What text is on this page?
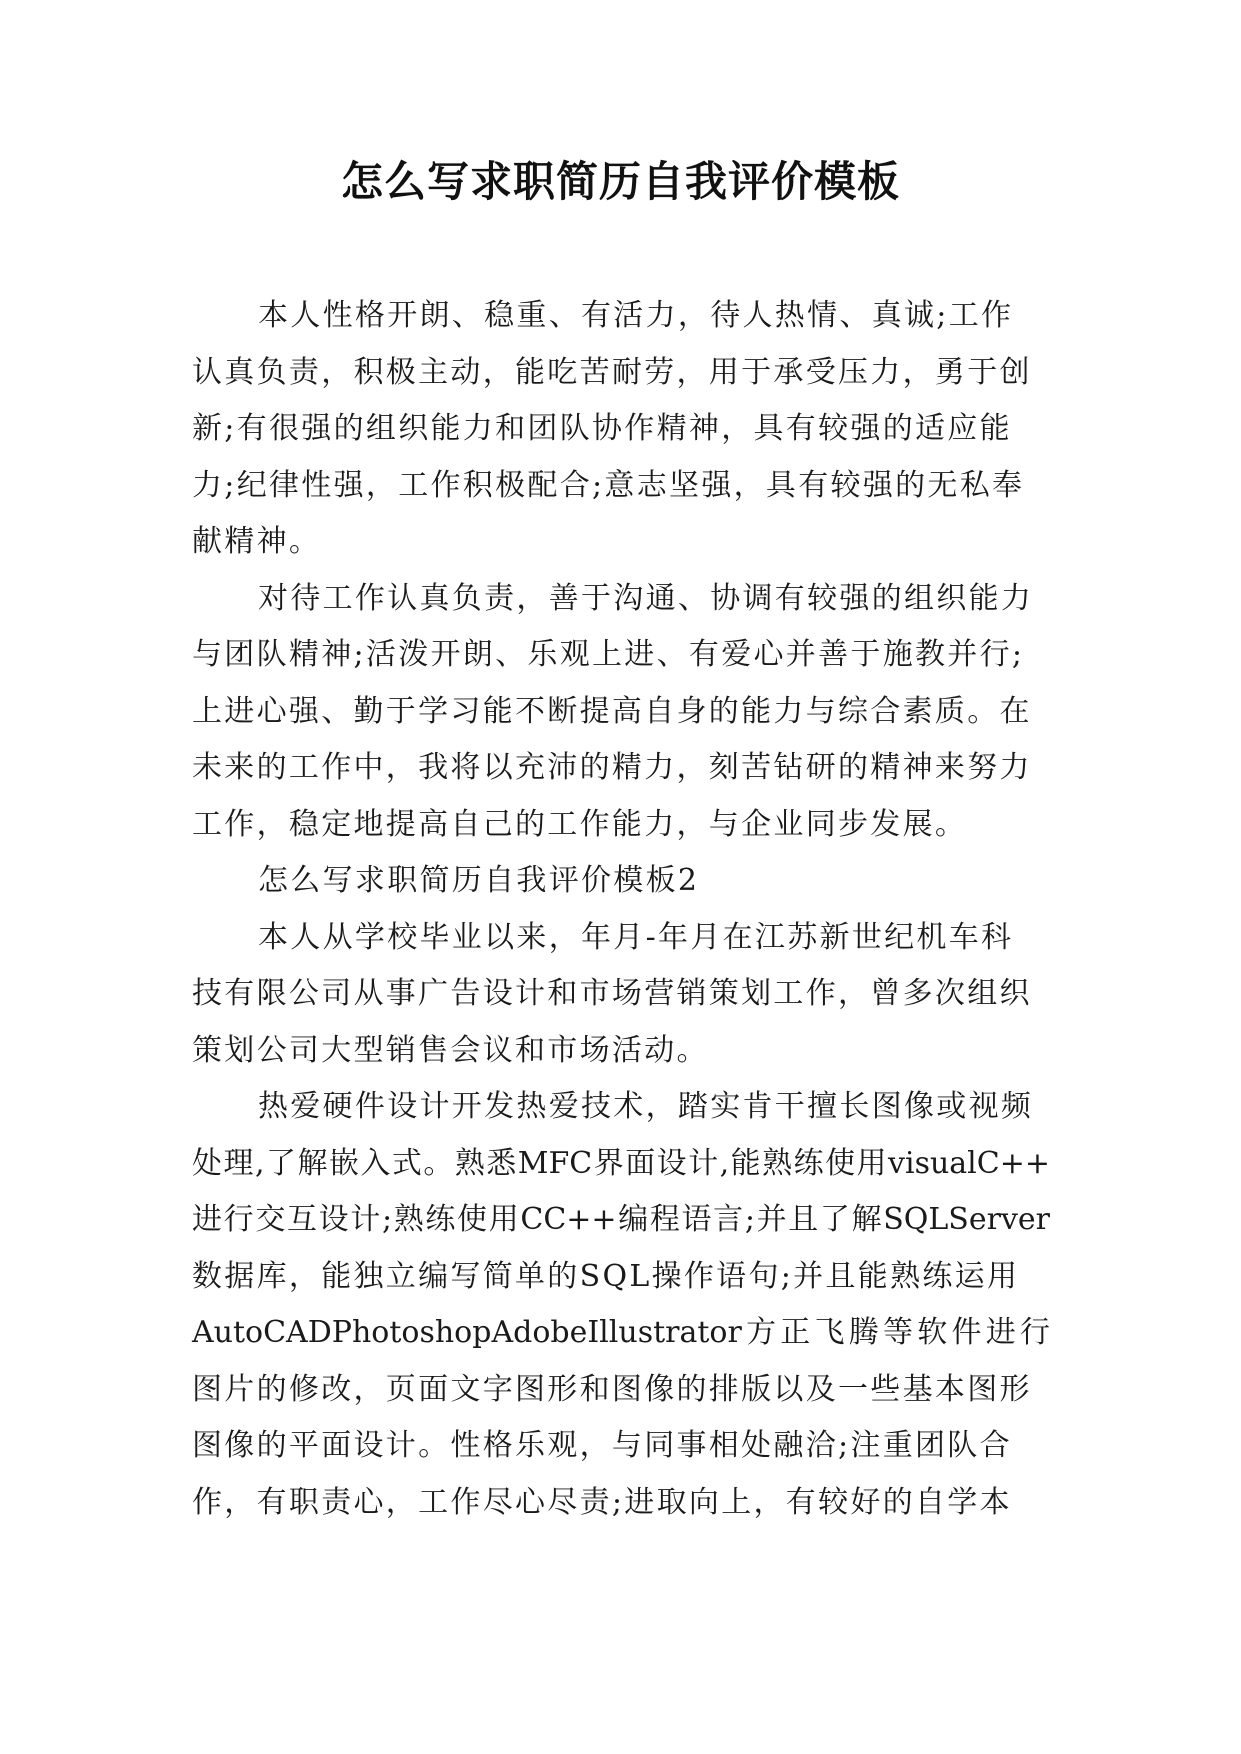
怎么写求职简历自我评价模板
本人性格开朗、稳重、有活力，待人热情、真诚;工作
认真负责，积极主动，能吃苦耐劳，用于承受压力，勇于创
新;有很强的组织能力和团队协作精神，具有较强的适应能
力;纪律性强，工作积极配合;意志坚强，具有较强的无私奉
献精神。
对待工作认真负责，善于沟通、协调有较强的组织能力
与团队精神;活泼开朗、乐观上进、有爱心并善于施教并行;
上进心强、勤于学习能不断提高自身的能力与综合素质。在
未来的工作中，我将以充沛的精力，刻苦钻研的精神来努力
工作，稳定地提高自己的工作能力，与企业同步发展。
怎么写求职简历自我评价模板2
本人从学校毕业以来，年月-年月在江苏新世纪机车科
技有限公司从事广告设计和市场营销策划工作，曾多次组织
策划公司大型销售会议和市场活动。
热爱硬件设计开发热爱技术，踏实肯干擅长图像或视频
处理,了解嵌入式。熟悉MFC界面设计,能熟练使用visualC++
进行交互设计;熟练使用CC++编程语言;并且了解SQLServer
数据库，能独立编写简单的SQL操作语句;并且能熟练运用
AutoCADPhotoshopAdobeIllustrator方正飞腾等软件进行
图片的修改，页面文字图形和图像的排版以及一些基本图形
图像的平面设计。性格乐观，与同事相处融洽;注重团队合
作，有职责心，工作尽心尽责;进取向上，有较好的自学本
